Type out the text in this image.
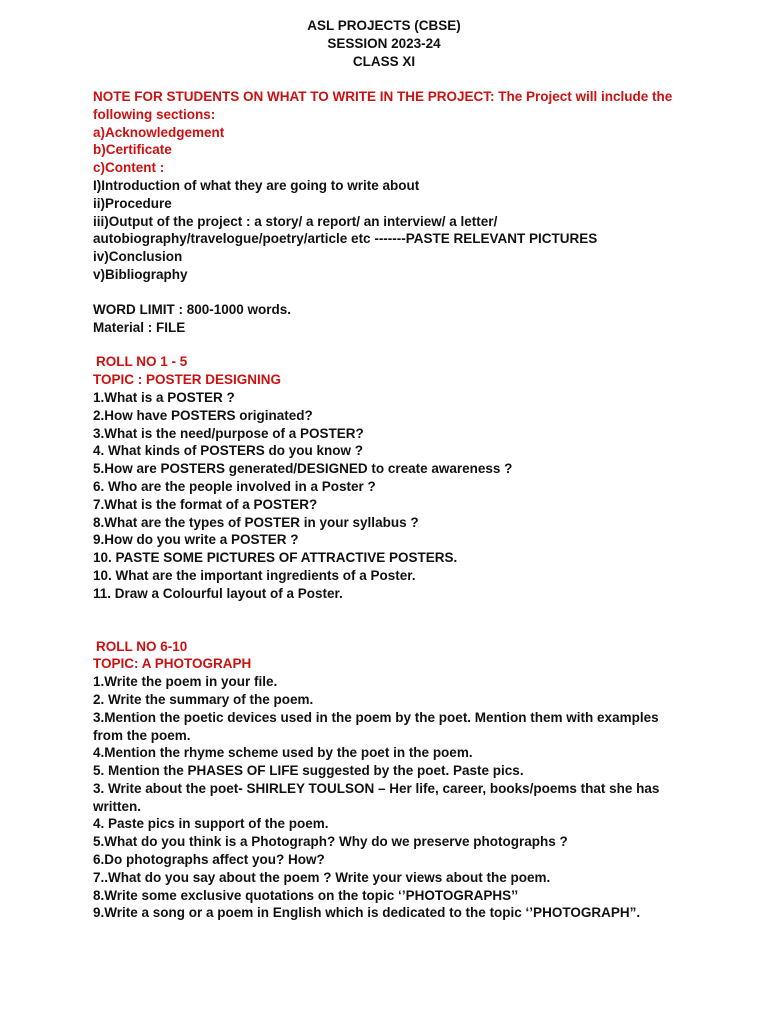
ASL PROJECTS (CBSE)
SESSION 2023-24
CLASS XI
NOTE FOR STUDENTS ON WHAT TO WRITE IN THE PROJECT: The Project will include the
following sections:
a)Acknowledgement
b)Certificate
c)Content :
I)Introduction of what they are going to write about
ii)Procedure
iii)Output of the project : a story/ a report/ an interview/ a letter/
autobiography/travelogue/poetry/article etc -------PASTE RELEVANT PICTURES
iv)Conclusion
v)Bibliography
WORD LIMIT : 800-1000 words.
Material : FILE
ROLL NO 1 - 5
TOPIC : POSTER DESIGNING
1.What is a POSTER ?
2.How have POSTERS originated?
3.What is the need/purpose of a POSTER?
4. What kinds of POSTERS do you know ?
5.How are POSTERS generated/DESIGNED to create awareness ?
6. Who are the people involved in a Poster ?
7.What is the format of a POSTER?
8.What are the types of POSTER in your syllabus ?
9.How do you write a POSTER ?
10. PASTE SOME PICTURES OF ATTRACTIVE POSTERS.
10. What are the important ingredients of a Poster.
11. Draw a Colourful layout of a Poster.
ROLL NO 6-10
TOPIC: A PHOTOGRAPH
1.Write the poem in your file.
2. Write the summary of the poem.
3.Mention the poetic devices used in the poem by the poet. Mention them with examples
from the poem.
4.Mention the rhyme scheme used by the poet in the poem.
5. Mention the PHASES OF LIFE suggested by the poet. Paste pics.
3. Write about the poet- SHIRLEY TOULSON – Her life, career, books/poems that she has
written.
4. Paste pics in support of the poem.
5.What do you think is a Photograph? Why do we preserve photographs ?
6.Do photographs affect you? How?
7..What do you say about the poem ? Write your views about the poem.
8.Write some exclusive quotations on the topic ‘’PHOTOGRAPHS’’
9.Write a song or a poem in English which is dedicated to the topic ‘’PHOTOGRAPH”.
